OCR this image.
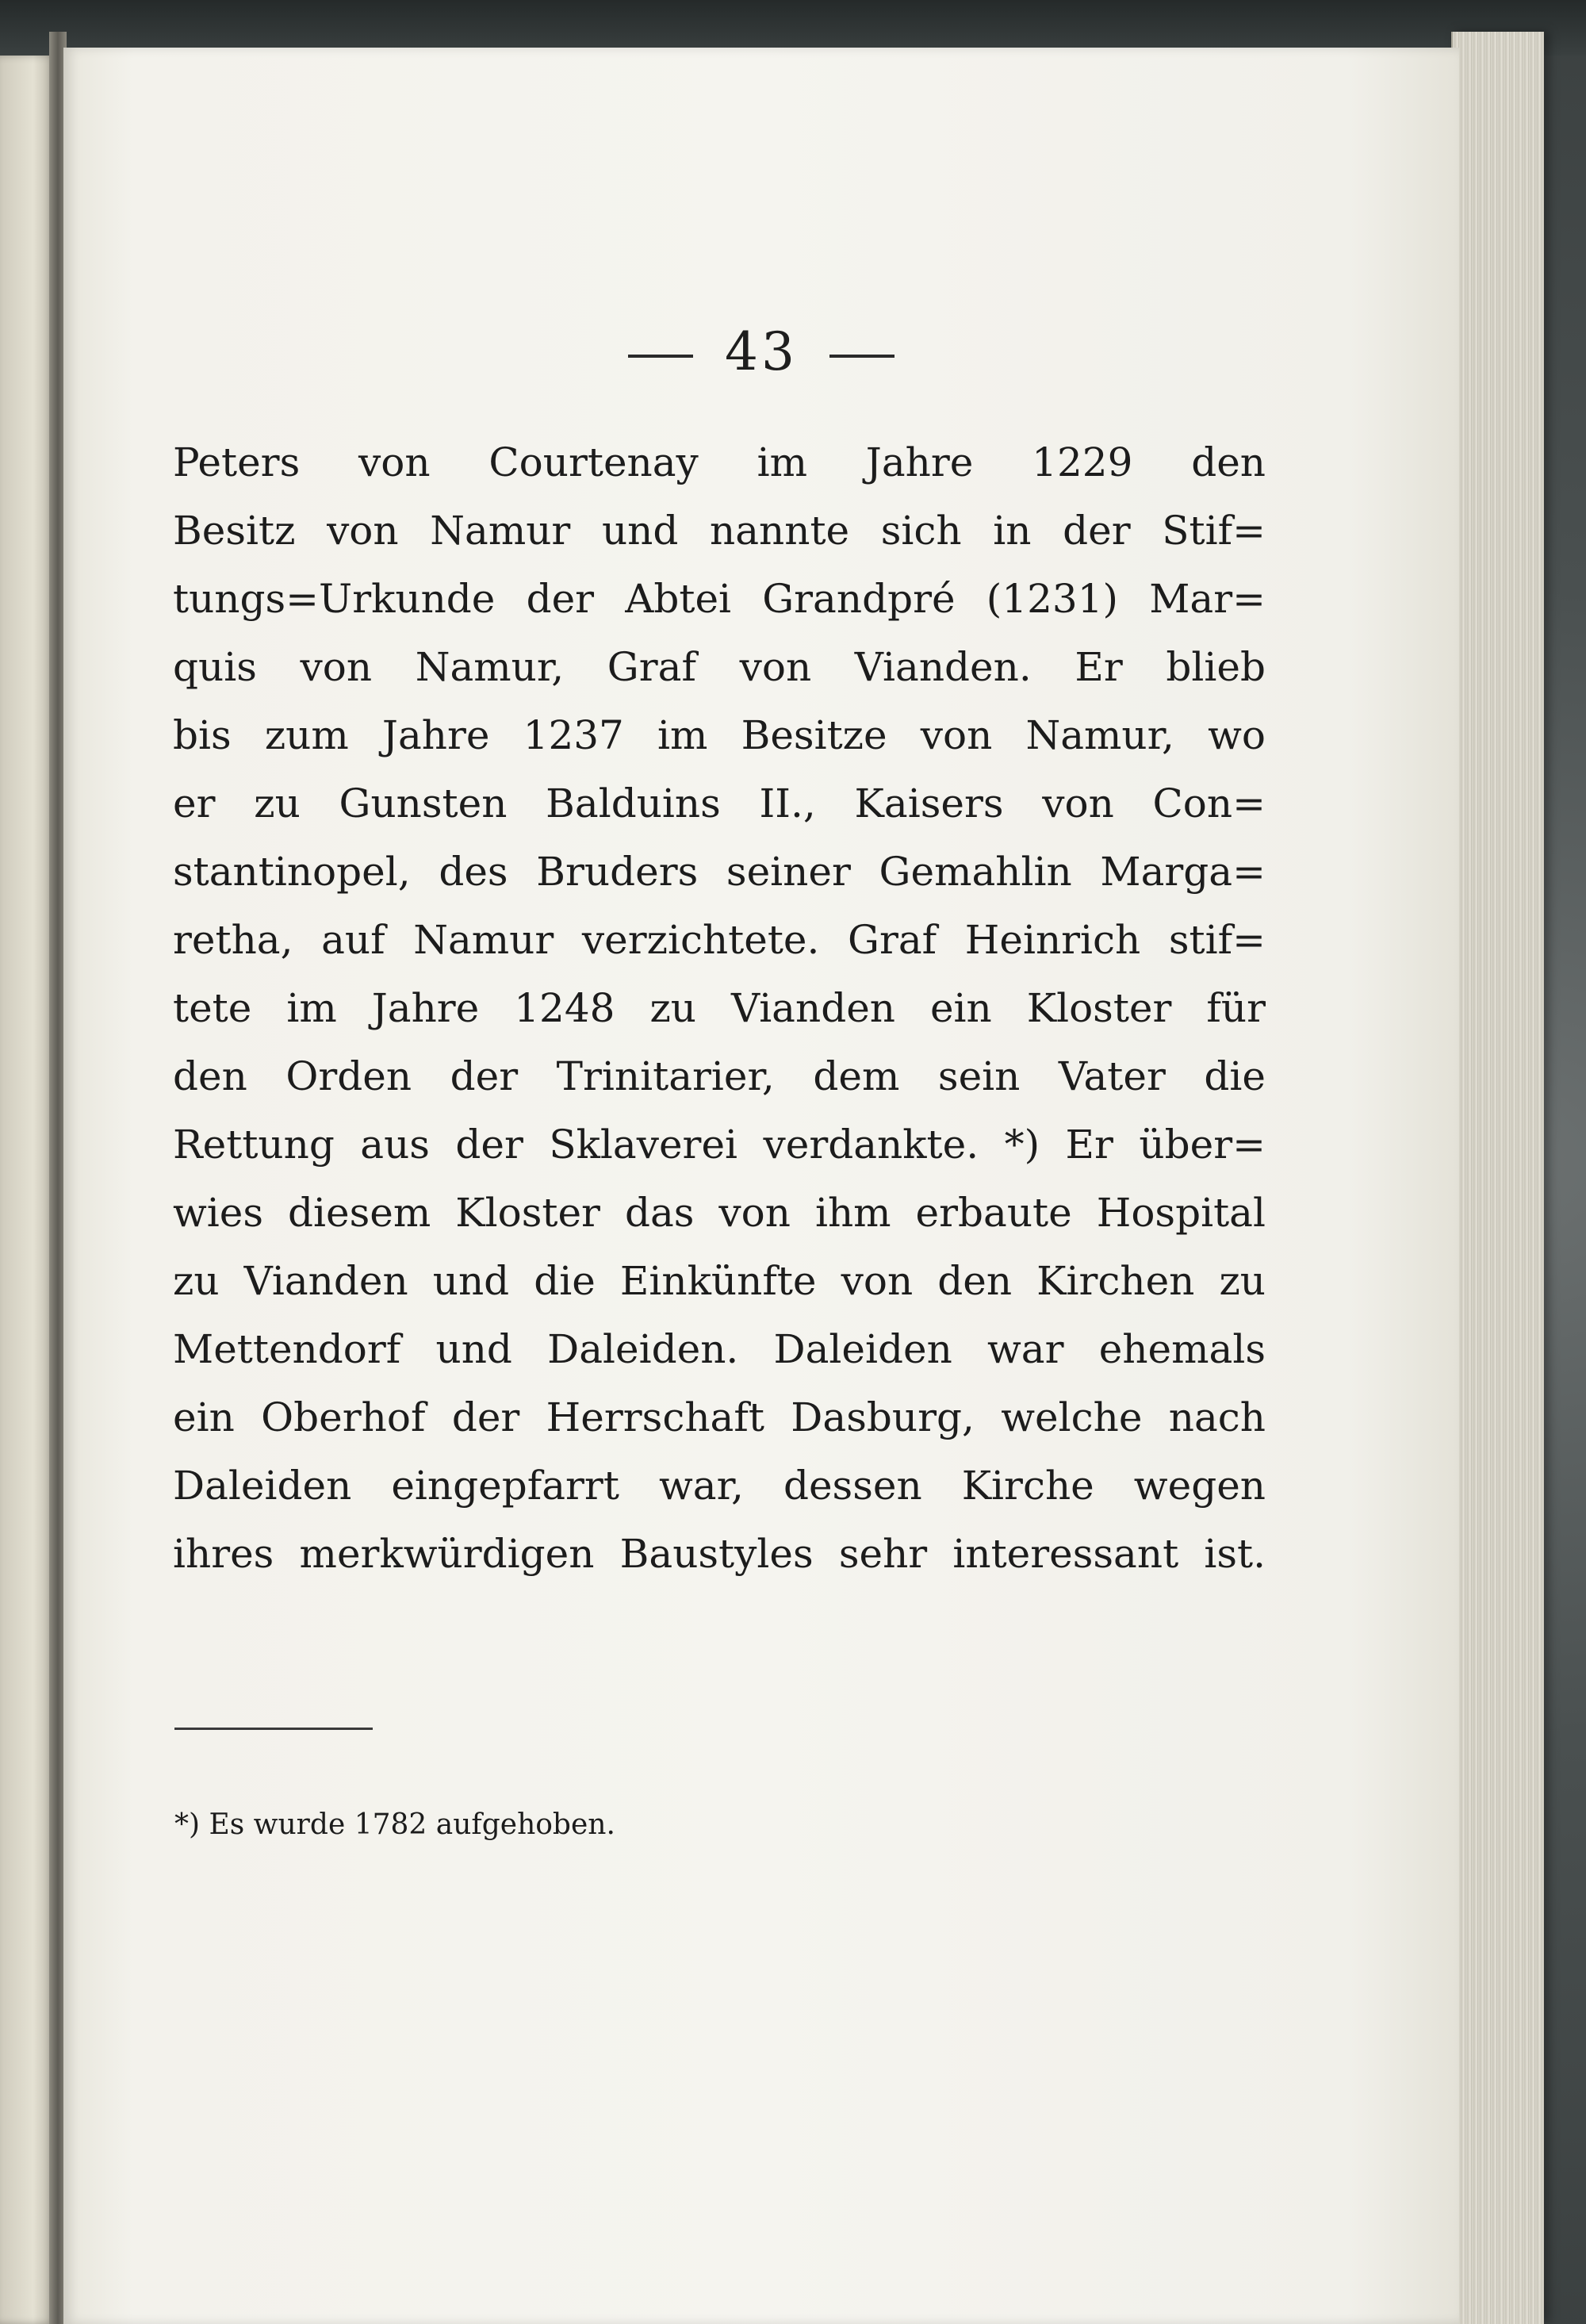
43
Peters von Courtenay im Jahre 1229 den
Besitz von Namur und nannte sich in der Stif=
tungs=Urkunde der Abtei Grandpré (1231) Mar=
quis von Namur, Graf von Vianden. Er blieb
bis zum Jahre 1237 im Besitze von Namur, wo
er zu Gunsten Balduins II., Kaisers von Con=
stantinopel, des Bruders seiner Gemahlin Marga=
retha, auf Namur verzichtete. Graf Heinrich stif=
tete im Jahre 1248 zu Vianden ein Kloster für
den Orden der Trinitarier, dem sein Vater die
Rettung aus der Sklaverei verdankte. *) Er über=
wies diesem Kloster das von ihm erbaute Hospital
zu Vianden und die Einkünfte von den Kirchen zu
Mettendorf und Daleiden. Daleiden war ehemals
ein Oberhof der Herrschaft Dasburg, welche nach
Daleiden eingepfarrt war, dessen Kirche wegen
ihres merkwürdigen Baustyles sehr interessant ist.
*) Es wurde 1782 aufgehoben.
